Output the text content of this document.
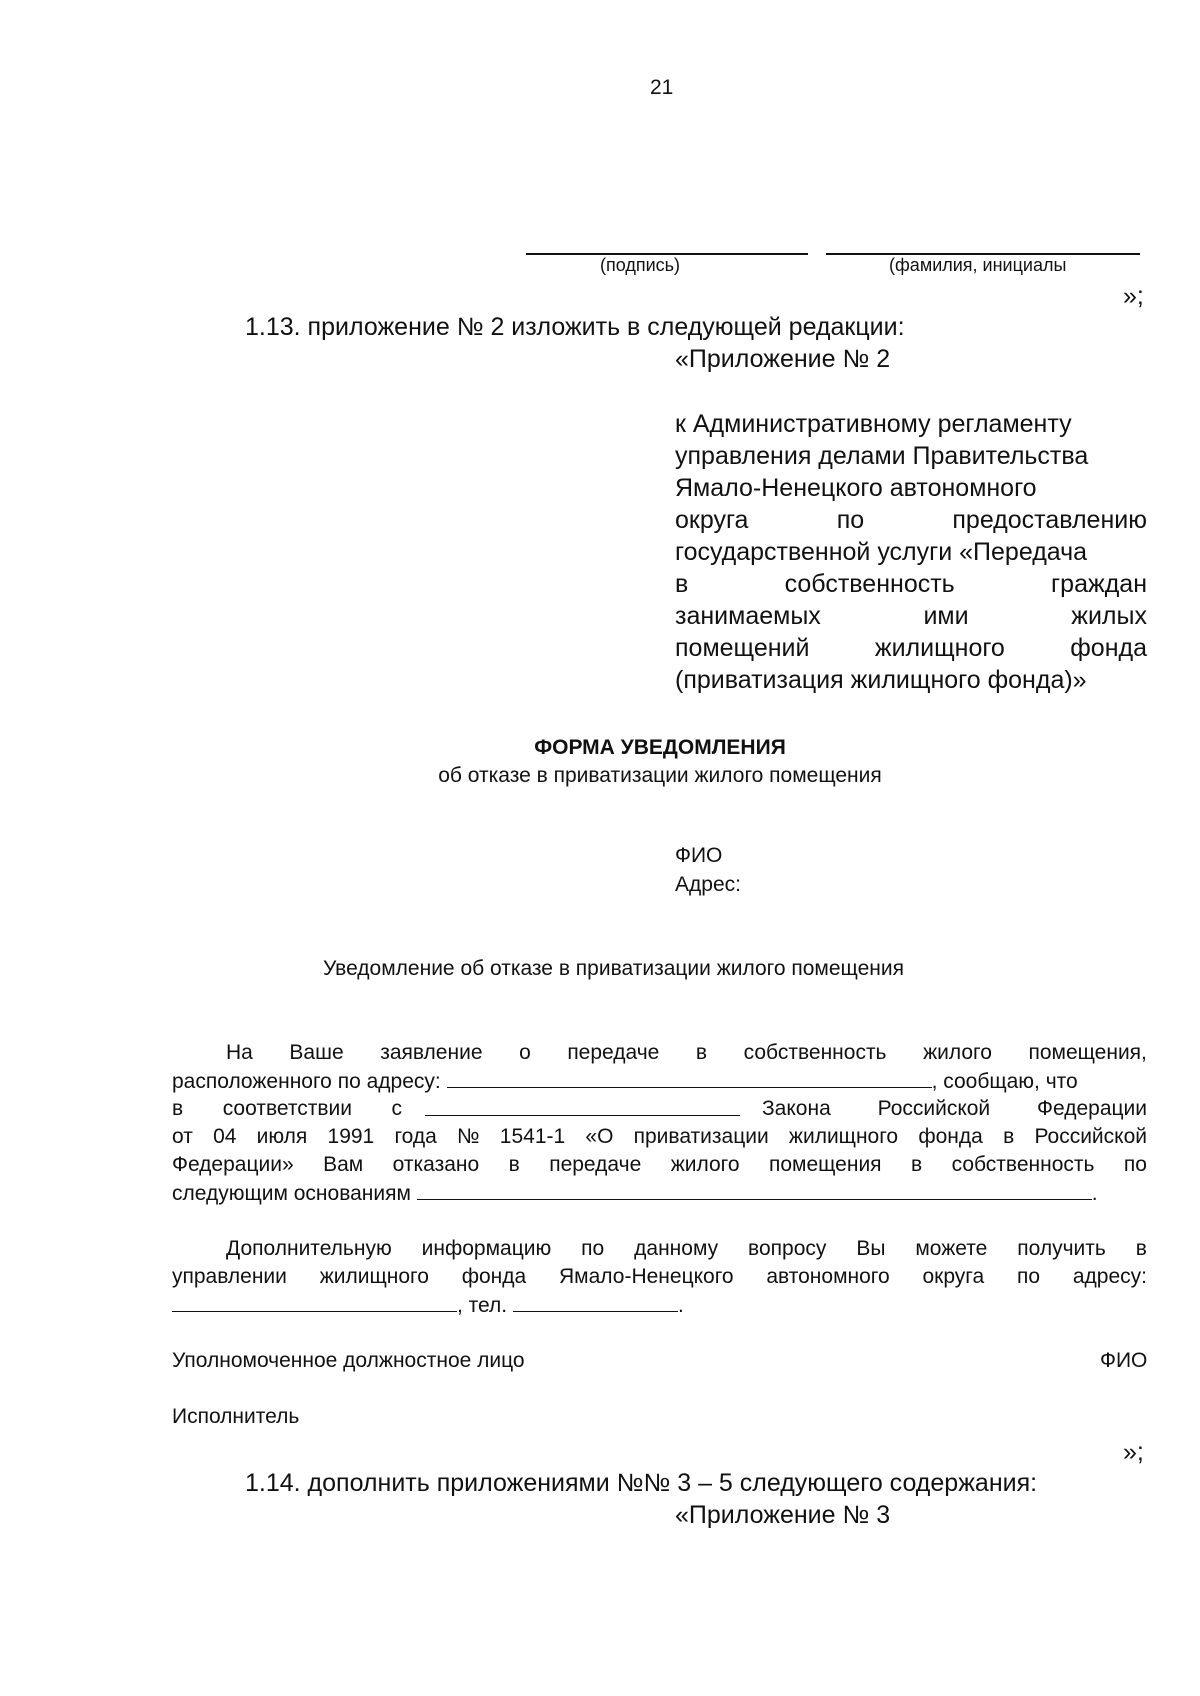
21
(подпись)	(фамилия, инициалы
»;
1.13. приложение № 2 изложить в следующей редакции:
«Приложение № 2
к Административному регламенту
управления делами Правительства
Ямало-Ненецкого автономного
округа	по	предоставлению
государственной услуги «Передача
в	собственность	граждан
занимаемых	ими	жилых
помещений	жилищного	фонда
(приватизация жилищного фонда)»
ФОРМА УВЕДОМЛЕНИЯ
об отказе в приватизации жилого помещения
ФИО
Адрес:
Уведомление об отказе в приватизации жилого помещения
На Ваше заявление о передаче в собственность жилого помещения,
расположенного по адресу:	, сообщаю, что
в соответствии с	Закона Российской Федерации
от 04 июля 1991 года № 1541-1 «О приватизации жилищного фонда в Российской
Федерации» Вам отказано в передаче жилого помещения в собственность по
следующим основаниям	.
Дополнительную информацию по данному вопросу Вы можете получить в
управлении жилищного фонда Ямало-Ненецкого автономного округа по адресу:
, тел.	.
Уполномоченное должностное лицо	ФИО
Исполнитель
»;
1.14. дополнить приложениями №№ 3 – 5 следующего содержания:
«Приложение № 3
